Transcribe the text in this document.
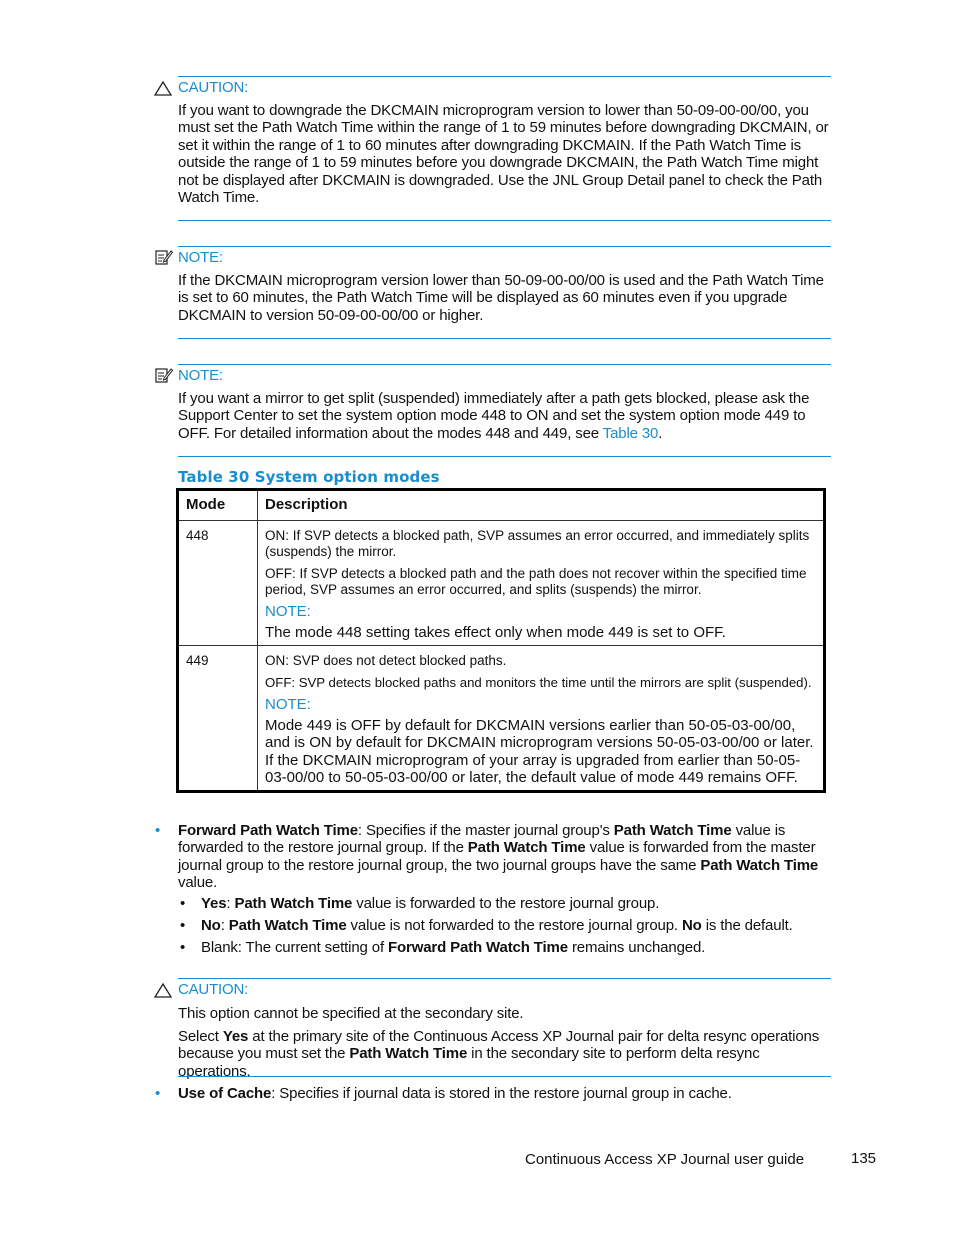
CAUTION:
If you want to downgrade the DKCMAIN microprogram version to lower than 50-09-00-00/00, you must set the Path Watch Time within the range of 1 to 59 minutes before downgrading DKCMAIN, or set it within the range of 1 to 60 minutes after downgrading DKCMAIN. If the Path Watch Time is outside the range of 1 to 59 minutes before you downgrade DKCMAIN, the Path Watch Time might not be displayed after DKCMAIN is downgraded. Use the JNL Group Detail panel to check the Path Watch Time.
NOTE:
If the DKCMAIN microprogram version lower than 50-09-00-00/00 is used and the Path Watch Time is set to 60 minutes, the Path Watch Time will be displayed as 60 minutes even if you upgrade DKCMAIN to version 50-09-00-00/00 or higher.
NOTE:
If you want a mirror to get split (suspended) immediately after a path gets blocked, please ask the Support Center to set the system option mode 448 to ON and set the system option mode 449 to OFF. For detailed information about the modes 448 and 449, see Table 30.
Table 30 System option modes
Mode	Description
448	ON: If SVP detects a blocked path, SVP assumes an error occurred, and immediately splits (suspends) the mirror.
OFF: If SVP detects a blocked path and the path does not recover within the specified time period, SVP assumes an error occurred, and splits (suspends) the mirror.
NOTE:
The mode 448 setting takes effect only when mode 449 is set to OFF.

449	ON: SVP does not detect blocked paths.
OFF: SVP detects blocked paths and monitors the time until the mirrors are split (suspended).
NOTE:
Mode 449 is OFF by default for DKCMAIN versions earlier than 50-05-03-00/00, and is ON by default for DKCMAIN microprogram versions 50-05-03-00/00 or later. If the DKCMAIN microprogram of your array is upgraded from earlier than 50-05-03-00/00 to 50-05-03-00/00 or later, the default value of mode 449 remains OFF.
• Forward Path Watch Time: Specifies if the master journal group's Path Watch Time value is forwarded to the restore journal group. If the Path Watch Time value is forwarded from the master journal group to the restore journal group, the two journal groups have the same Path Watch Time value.
• Yes: Path Watch Time value is forwarded to the restore journal group.
• No: Path Watch Time value is not forwarded to the restore journal group. No is the default.
• Blank: The current setting of Forward Path Watch Time remains unchanged.
CAUTION:
This option cannot be specified at the secondary site.
Select Yes at the primary site of the Continuous Access XP Journal pair for delta resync operations because you must set the Path Watch Time in the secondary site to perform delta resync operations.
• Use of Cache: Specifies if journal data is stored in the restore journal group in cache.
Continuous Access XP Journal user guide	135
